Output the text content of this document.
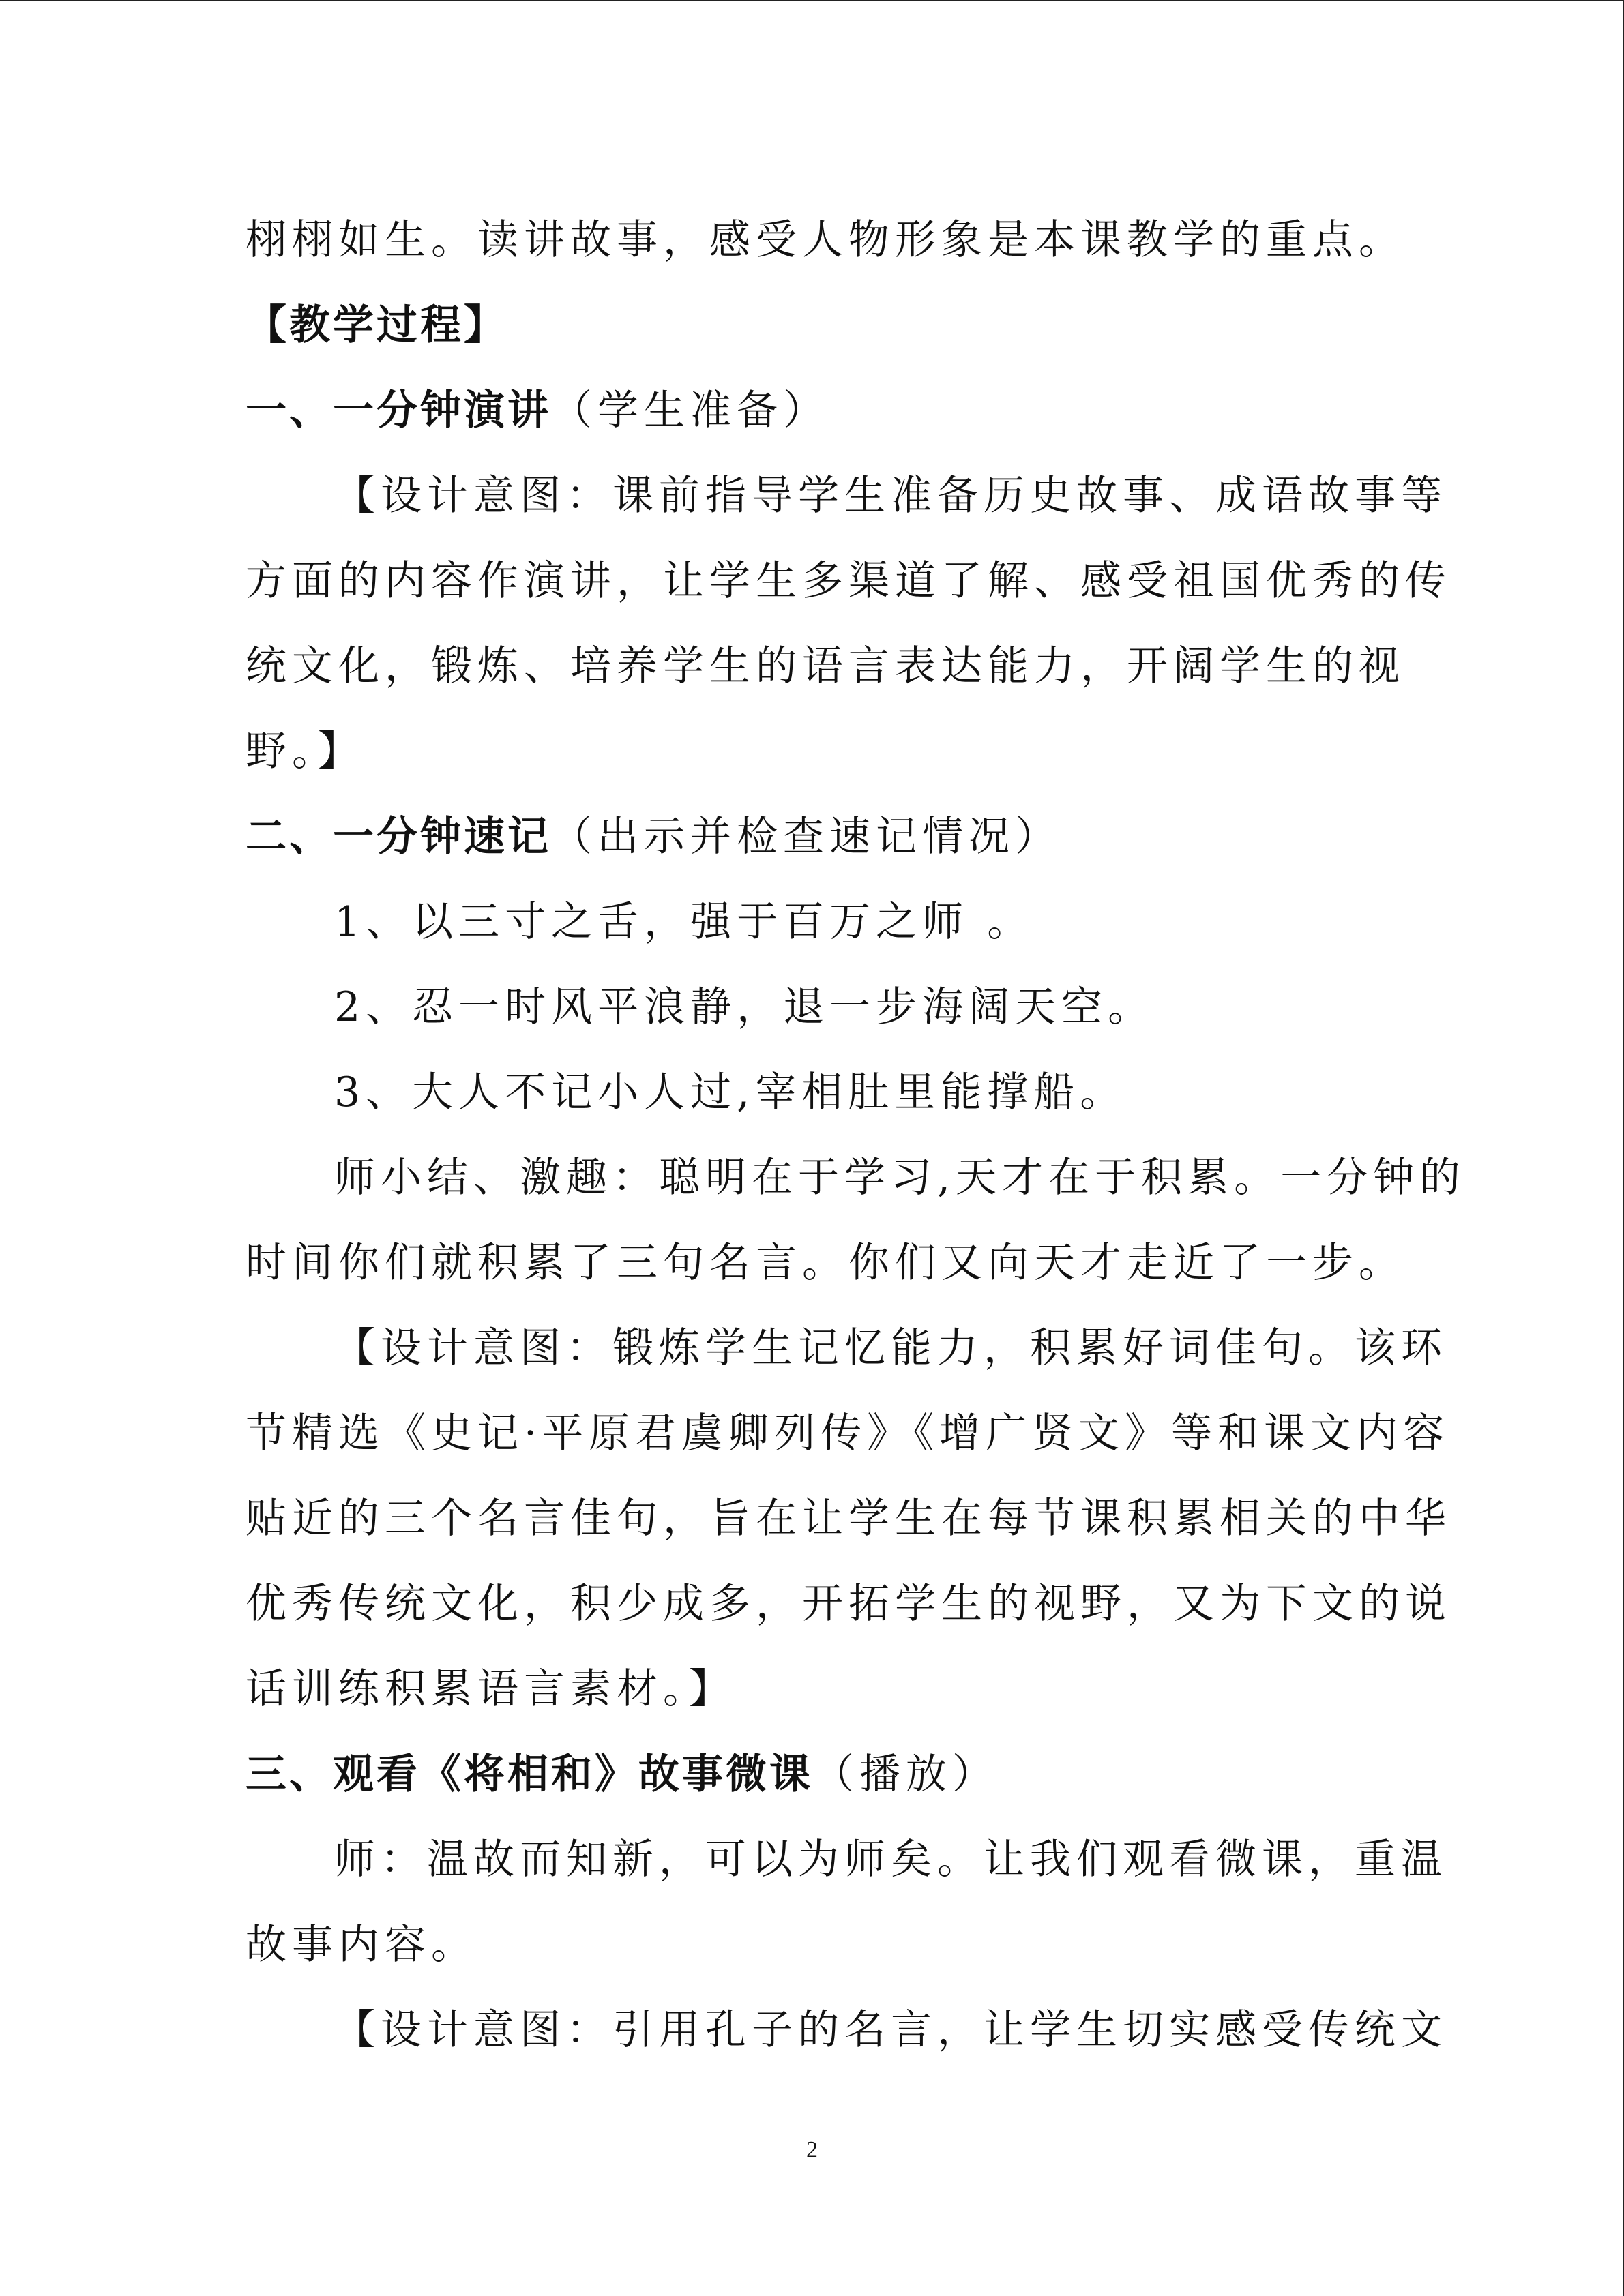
栩栩如生。读讲故事，感受人物形象是本课教学的重点。
【教学过程】
一、一分钟演讲（学生准备）
【设计意图：课前指导学生准备历史故事、成语故事等
方面的内容作演讲，让学生多渠道了解、感受祖国优秀的传
统文化，锻炼、培养学生的语言表达能力，开阔学生的视
野。】
二、一分钟速记（出示并检查速记情况）
1、以三寸之舌，强于百万之师 。
2、忍一时风平浪静，退一步海阔天空。
3、大人不记小人过,宰相肚里能撑船。
师小结、激趣：聪明在于学习,天才在于积累。一分钟的
时间你们就积累了三句名言。你们又向天才走近了一步。
【设计意图：锻炼学生记忆能力，积累好词佳句。该环
节精选《史记·平原君虞卿列传》《增广贤文》等和课文内容
贴近的三个名言佳句，旨在让学生在每节课积累相关的中华
优秀传统文化，积少成多，开拓学生的视野，又为下文的说
话训练积累语言素材。】
三、观看《将相和》故事微课（播放）
师：温故而知新，可以为师矣。让我们观看微课，重温
故事内容。
【设计意图：引用孔子的名言，让学生切实感受传统文
2
